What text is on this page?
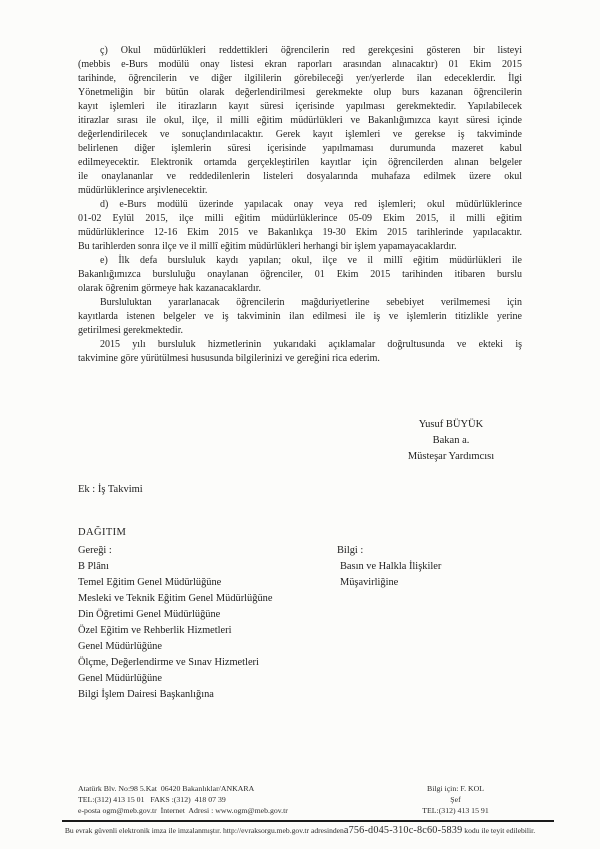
ç) Okul müdürlükleri reddettikleri öğrencilerin red gerekçesini gösteren bir listeyi
(mebbis e-Burs modülü onay listesi ekran raporları arasından alınacaktır) 01 Ekim 2015
tarihinde, öğrencilerin ve diğer ilgililerin görebileceği yer/yerlerde ilan edeceklerdir. İlgi
Yönetmeliğin bir bütün olarak değerlendirilmesi gerekmekte olup burs kazanan öğrencilerin
kayıt işlemleri ile itirazların kayıt süresi içerisinde yapılması gerekmektedir. Yapılabilecek
itirazlar sırası ile okul, ilçe, il milli eğitim müdürlükleri ve Bakanlığımızca kayıt süresi içinde
değerlendirilecek ve sonuçlandırılacaktır. Gerek kayıt işlemleri ve gerekse iş takviminde
belirlenen diğer işlemlerin süresi içerisinde yapılmaması durumunda mazeret kabul
edilmeyecektir. Elektronik ortamda gerçekleştirilen kayıtlar için öğrencilerden alınan belgeler
ile onaylananlar ve reddedilenlerin listeleri dosyalarında muhafaza edilmek üzere okul
müdürlüklerince arşivlenecektir.
d) e-Burs modülü üzerinde yapılacak onay veya red işlemleri; okul müdürlüklerince
01-02 Eylül 2015, ilçe milli eğitim müdürlüklerince 05-09 Ekim 2015, il milli eğitim
müdürlüklerince 12-16 Ekim 2015 ve Bakanlıkça 19-30 Ekim 2015 tarihlerinde yapılacaktır.
Bu tarihlerden sonra ilçe ve il millî eğitim müdürlükleri herhangi bir işlem yapamayacaklardır.
e) İlk defa bursluluk kaydı yapılan; okul, ilçe ve il millî eğitim müdürlükleri ile
Bakanlığımızca bursluluğu onaylanan öğrenciler, 01 Ekim 2015 tarihinden itibaren burslu
olarak öğrenim görmeye hak kazanacaklardır.
Bursluluktan yararlanacak öğrencilerin mağduriyetlerine sebebiyet verilmemesi için
kayıtlarda istenen belgeler ve iş takviminin ilan edilmesi ile iş ve işlemlerin titizlikle yerine
getirilmesi gerekmektedir.
2015 yılı bursluluk hizmetlerinin yukarıdaki açıklamalar doğrultusunda ve ekteki iş
takvimine göre yürütülmesi hususunda bilgilerinizi ve gereğini rica ederim.
Yusuf BÜYÜK
Bakan a.
Müsteşar Yardımcısı
Ek : İş Takvimi
DAĞITIM
Gereği :
B Plânı
Temel Eğitim Genel Müdürlüğüne
Mesleki ve Teknik Eğitim Genel Müdürlüğüne
Din Öğretimi Genel Müdürlüğüne
Özel Eğitim ve Rehberlik Hizmetleri
Genel Müdürlüğüne
Ölçme, Değerlendirme ve Sınav Hizmetleri
Genel Müdürlüğüne
Bilgi İşlem Dairesi Başkanlığına
Bilgi :
Basın ve Halkla İlişkiler
Müşavirliğine
Atatürk Blv. No:98 5.Kat  06420 Bakanlıklar/ANKARA
TEL:(312) 413 15 01   FAKS :(312)  418 07 39
e-posta ogm@meb.gov.tr  İnternet  Adresi : www.ogm@meb.gov.tr
Bilgi için: F. KOL
Şef
TEL:(312) 413 15 91
Bu evrak güvenli elektronik imza ile imzalanmıştır. http://evraksorgu.meb.gov.tr adresindena756-d045-310c-8c60-5839 kodu ile teyit edilebilir.
